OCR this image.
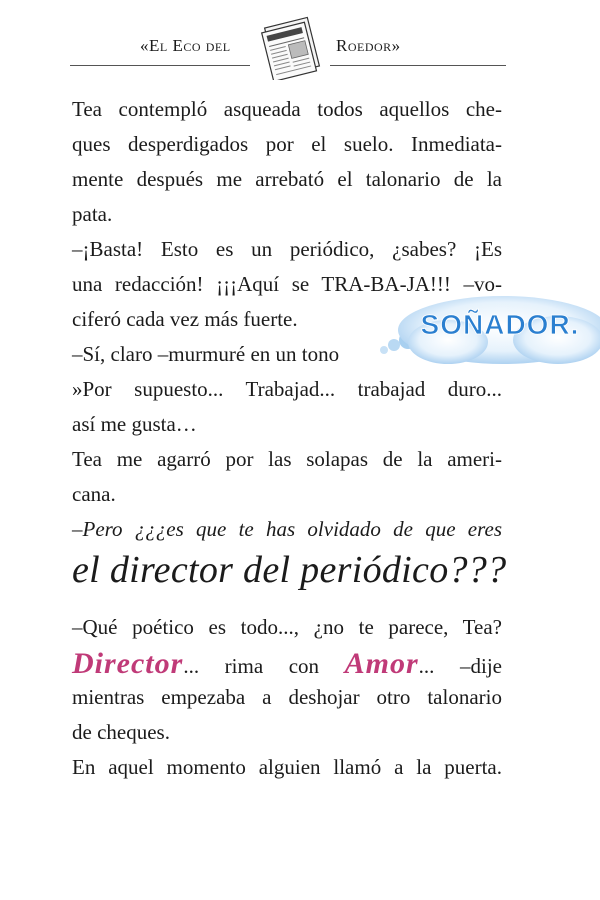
«El Eco del	Roedor»
Tea contempló asqueada todos aquellos che-
ques desperdigados por el suelo. Inmediata-
mente después me arrebató el talonario de la
pata.
–¡Basta! Esto es un periódico, ¿sabes? ¡Es
una redacción! ¡¡¡Aquí se TRA-BA-JA!!! –vo-
ciferó cada vez más fuerte.
–Sí, claro –murmuré en un tono
»Por supuesto... Trabajad... trabajad duro...
así me gusta…
Tea me agarró por las solapas de la ameri-
cana.
–Pero ¿¿¿es que te has olvidado de que eres
el director del periódico???
–Qué poético es todo..., ¿no te parece, Tea?
Director... rima con Amor... –dije
mientras empezaba a deshojar otro talonario
de cheques.
En aquel momento alguien llamó a la puerta.
SOÑADOR.
